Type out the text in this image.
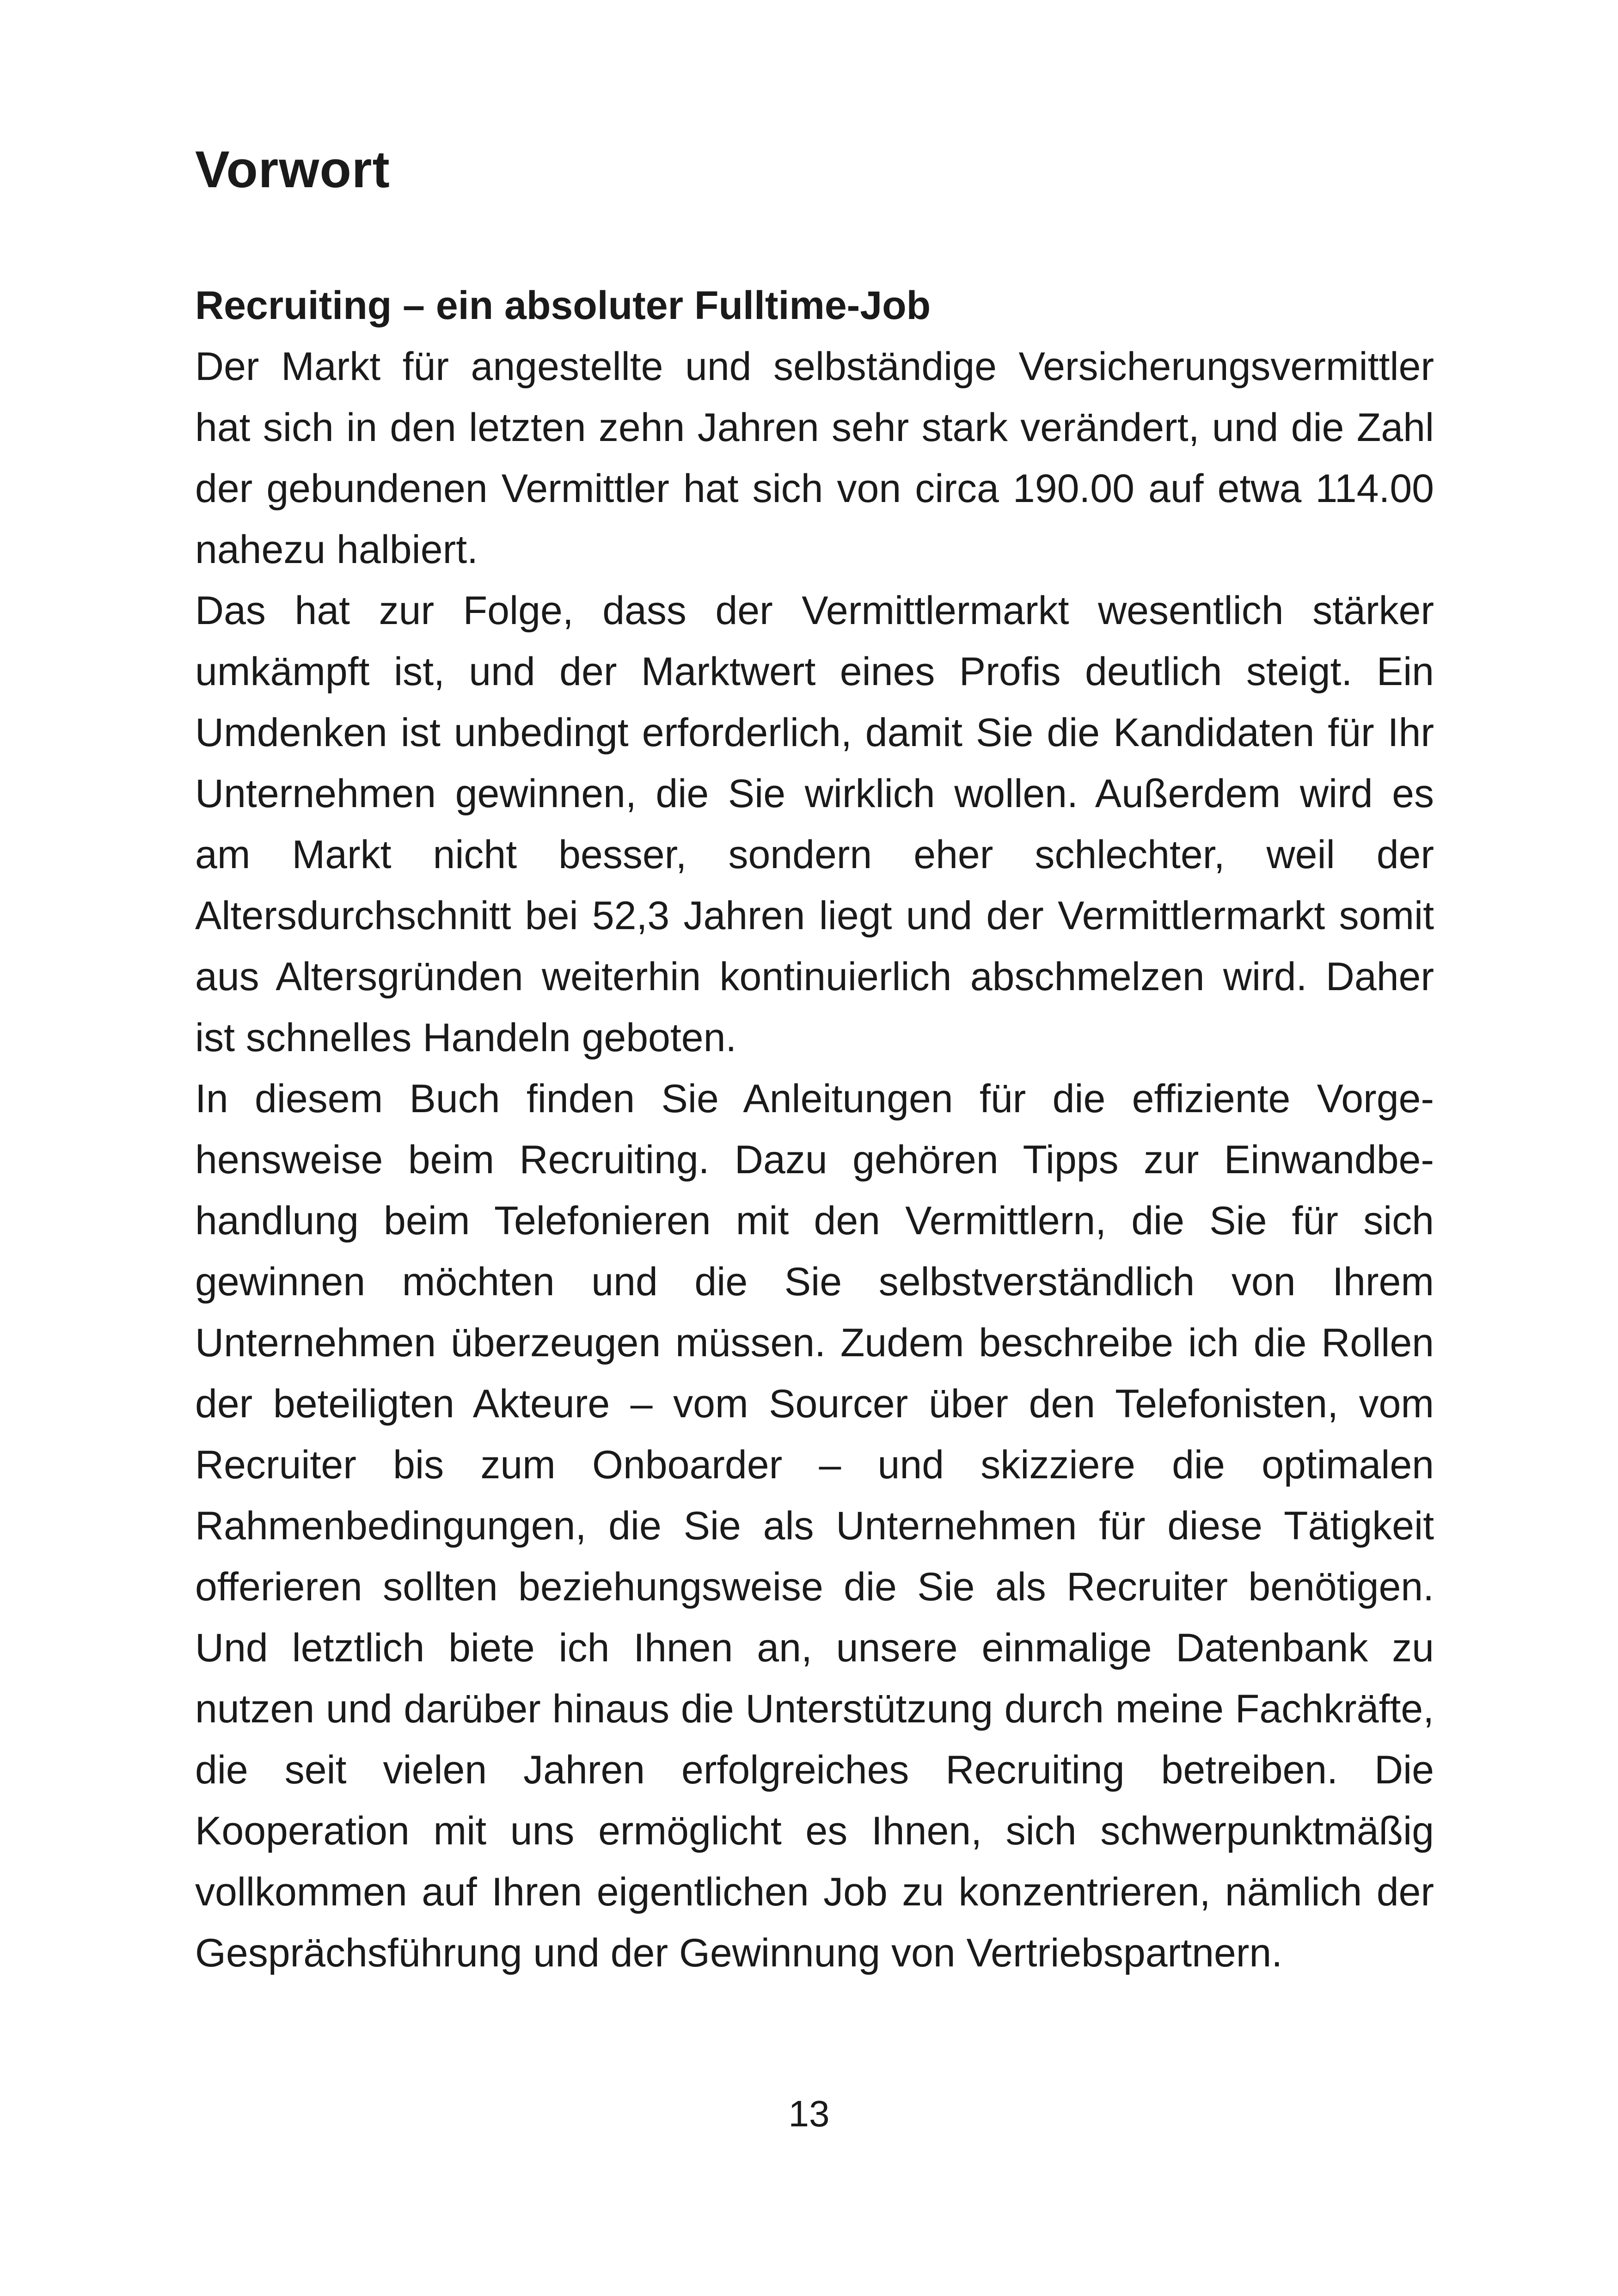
Vorwort
Recruiting – ein absoluter Fulltime-Job

Der Markt für angestellte und selbständige Versicherungsvermittler hat sich in den letzten zehn Jahren sehr stark verändert, und die Zahl der gebundenen Vermittler hat sich von circa 190.00 auf etwa 114.00 nahezu halbiert.

Das hat zur Folge, dass der Vermittlermarkt wesentlich stärker umkämpft ist, und der Marktwert eines Profis deutlich steigt. Ein Umdenken ist unbedingt erforderlich, damit Sie die Kandidaten für Ihr Unternehmen gewinnen, die Sie wirklich wollen. Außerdem wird es am Markt nicht besser, sondern eher schlechter, weil der Altersdurchschnitt bei 52,3 Jahren liegt und der Vermittlermarkt somit aus Altersgründen weiterhin kontinuierlich abschmelzen wird. Daher ist schnelles Handeln geboten.

In diesem Buch finden Sie Anleitungen für die effiziente Vorgehensweise beim Recruiting. Dazu gehören Tipps zur Einwandbehandlung beim Telefonieren mit den Vermittlern, die Sie für sich gewinnen möchten und die Sie selbstverständlich von Ihrem Unternehmen überzeugen müssen. Zudem beschreibe ich die Rollen der beteiligten Akteure – vom Sourcer über den Telefonisten, vom Recruiter bis zum Onboarder – und skizziere die optimalen Rahmenbedingungen, die Sie als Unternehmen für diese Tätigkeit offerieren sollten beziehungsweise die Sie als Recruiter benötigen. Und letztlich biete ich Ihnen an, unsere einmalige Datenbank zu nutzen und darüber hinaus die Unterstützung durch meine Fachkräfte, die seit vielen Jahren erfolgreiches Recruiting betreiben. Die Kooperation mit uns ermöglicht es Ihnen, sich schwerpunktmäßig vollkommen auf Ihren eigentlichen Job zu konzentrieren, nämlich der Gesprächsführung und der Gewinnung von Vertriebspartnern.

13
